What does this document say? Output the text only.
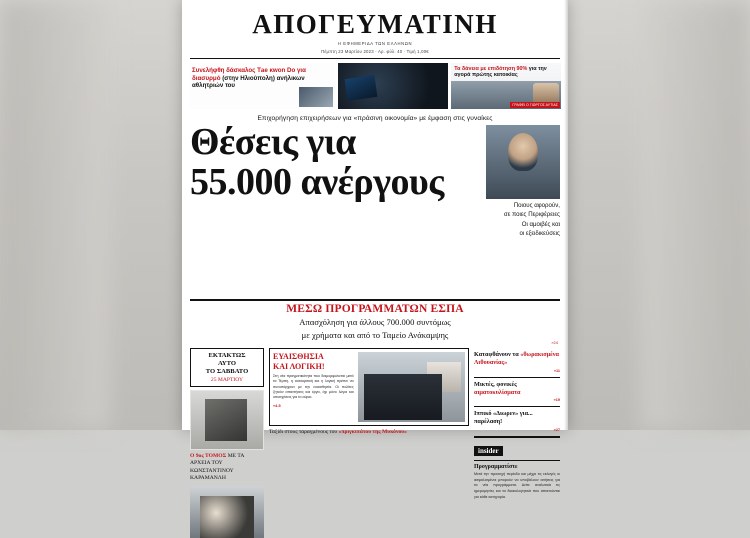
ΑΠΟΓΕΥΜΑΤΙΝΗ
Η ΕΦΗΜΕΡΙΔΑ ΤΩΝ ΕΛΛΗΝΩΝ
Πέμπτη 23 Μαρτίου 2023 · Αρ. φύλ. 40 · Τιμή 1,00€
Συνελήφθη δάσκαλος Τae κwon Do για διασυρμό (στην Ηλιούπολη) ανήλικων αθλητριών του
Τα δάνεια με επιδότηση 90% για την αγορά πρώτης κατοικίας
ΓΡΑΦΕΙ Ο ΓΙΩΡΓΟΣ ΑΥΤΙΑΣ
Επιχορήγηση επιχειρήσεων για «πράσινη οικονομία» με έμφαση στις γυναίκες
Θέσεις για
55.000 ανέργους
Ποιους αφορούν,
σε ποιες Περιφέρειες
Οι αμοιβές και
οι εξειδικεύσεις
ΜΕΣΩ ΠΡΟΓΡΑΜΜΑΤΩΝ ΕΣΠΑ
Απασχόληση για άλλους 700.000 συντόμως
με χρήματα και από το Ταμείο Ανάκαμψης
»24
ΕΚΤΑΚΤΩΣ
ΑΥΤΟ
ΤΟ ΣΑΒΒΑΤΟ
25 ΜΑΡΤΙΟΥ
Ο 9ος ΤΟΜΟΣ ΜΕ ΤΑ ΑΡΧΕΙΑ ΤΟΥ ΚΩΝΣΤΑΝΤΙΝΟΥ ΚΑΡΑΜΑΝΛΗ
ΕΥΑΙΣΘΗΣΙΑ
ΚΑΙ ΛΟΓΙΚΗ!

Στη νέα πραγματικότητα που διαμορφώνεται μετά τα Τέμπη, η αυτοκριτική και η λογική πρέπει να συνυπάρχουν με την ευαισθησία. Οι πολίτες ζητούν απαντήσεις και έργα, όχι μόνο λόγια και υποσχέσεις για το αύριο.

»4-5
Ταξίδι στους ταραγμένους του «πριγκιπάτου της Μυκόνου»
Καταφθάνουν τα «θωρακισμένα Λιθουανίας»
»11
Μικτές, φονικές αιματοκυλίσματα
»19
Ιππικό «Διωρεν» για... παρέλαση!
»27
insider
Προγραμματίστε

Μετά την προσεχή περίοδο και μέχρι τις εκλογές οι ασφαλισμένοι μπορούν να υποβάλουν αιτήσεις για τα νέα προγράμματα. Δείτε αναλυτικά τις ημερομηνίες και τα δικαιολογητικά που απαιτούνται για κάθε κατηγορία.
